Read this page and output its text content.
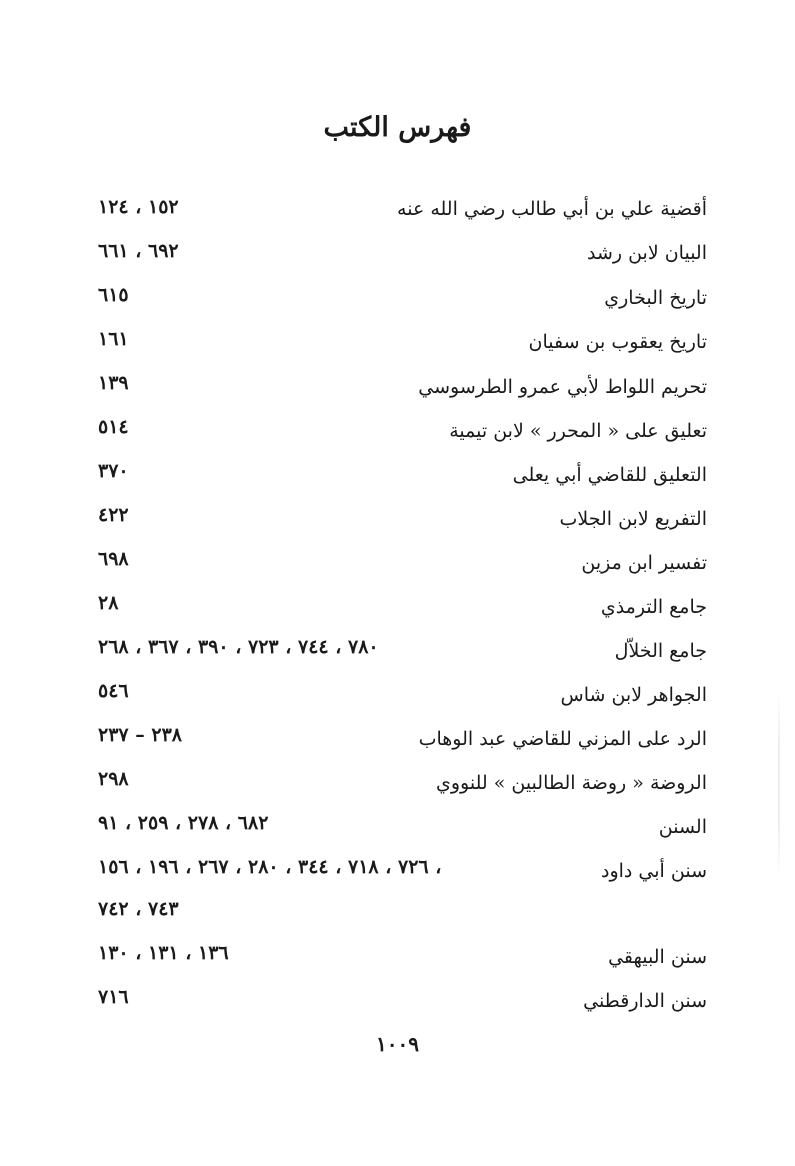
فهرس الكتب
أقضية علي بن أبي طالب رضي الله عنه
١٥٢ ، ١٢٤
البيان لابن رشد
٦٩٢ ، ٦٦١
تاريخ البخاري
٦١٥
تاريخ يعقوب بن سفيان
١٦١
تحريم اللواط لأبي عمرو الطرسوسي
١٣٩
تعليق على « المحرر » لابن تيمية
٥١٤
التعليق للقاضي أبي يعلى
٣٧٠
التفريع لابن الجلاب
٤٢٢
تفسير ابن مزين
٦٩٨
جامع الترمذي
٢٨
جامع الخلاّل
٧٨٠ ، ٧٤٤ ، ٧٢٣ ، ٣٩٠ ، ٣٦٧ ، ٢٦٨
الجواهر لابن شاس
٥٤٦
الرد على المزني للقاضي عبد الوهاب
٢٣٨ – ٢٣٧
الروضة « روضة الطالبين » للنووي
٢٩٨
السنن
٦٨٢ ، ٢٧٨ ، ٢٥٩ ، ٩١
سنن أبي داود
، ٧٢٦ ، ٧١٨ ، ٣٤٤ ، ٢٨٠ ، ٢٦٧ ، ١٩٦ ، ١٥٦
٧٤٣ ، ٧٤٢
سنن البيهقي
١٣٦ ، ١٣١ ، ١٣٠
سنن الدارقطني
٧١٦
١٠٠٩
